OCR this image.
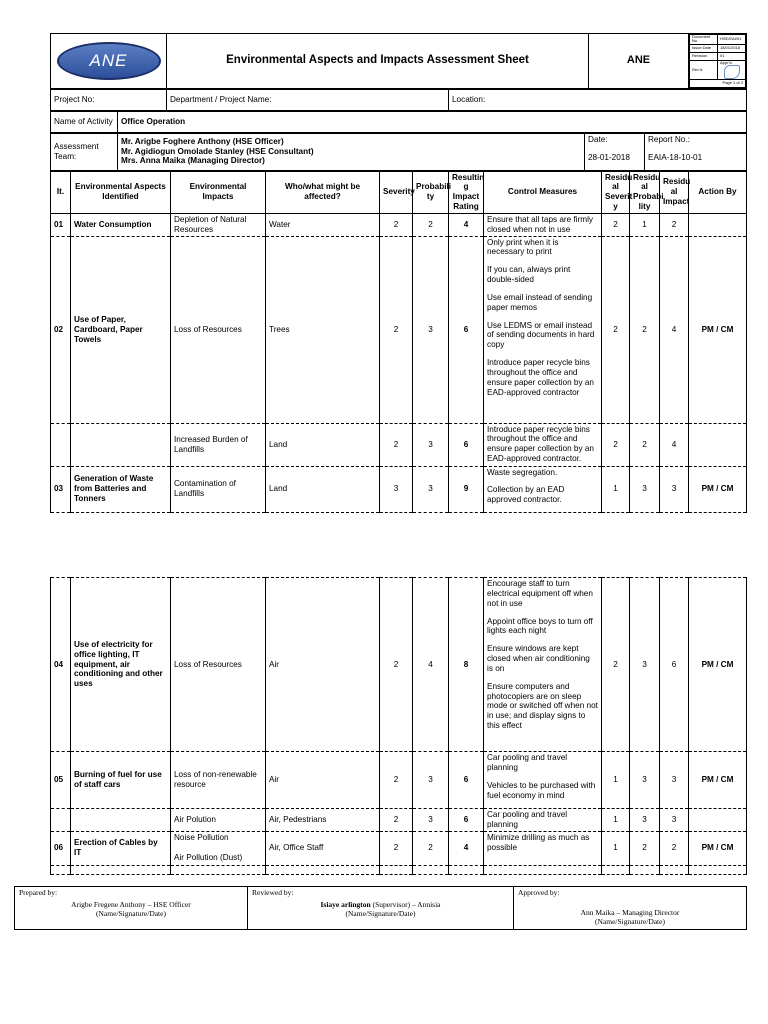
ANE	Environmental Aspects and Impacts Assessment Sheet	ANE	
Document No	HSE/EAI/01
Issue Date	18/01/2018
Revision	01
Rev'd:	Appr'd:
Page 1 of 2
Project No:	Department / Project Name:	Location:
Name of Activity	Office Operation
Assessment Team:	Mr. Arigbe Foghere Anthony (HSE Officer)
Mr. Agidiogun Omolade Stanley (HSE Consultant)
Mrs. Anna Maika (Managing Director)	Date:	Report No.:
		28-01-2018	EAIA-18-10-01
It.	Environmental Aspects Identified	Environmental Impacts	Who/what might be affected?	Severity	Probabili ty	Resultin g Impact Rating	Control Measures	Residu al Severit y	Residu al Probabi lity	Residu al Impact	Action By
01	Water Consumption	Depletion of Natural Resources	Water	2	2	4	Ensure that all taps are firmly closed when not in use	2	1	2	
02	Use of Paper, Cardboard, Paper Towels	Loss of Resources	Trees	2	3	6	Only print when it is necessary to print

If you can, always print double-sided

Use email instead of sending paper memos

Use LEDMS or email instead of sending documents in hard copy

Introduce paper recycle bins throughout the office and ensure paper collection by an EAD-approved contractor	2	2	4	PM / CM
		Increased Burden of Landfills	Land	2	3	6	Introduce paper recycle bins throughout the office and ensure paper collection by an EAD-approved contractor.	2	2	4	
03	Generation of Waste from Batteries and Tonners	Contamination of Landfills	Land	3	3	9	Waste segregation.

Collection by an EAD approved contractor.	1	3	3	PM / CM
04	Use of electricity for office lighting, IT equipment, air conditioning and other uses	Loss of Resources	Air	2	4	8	Encourage staff to turn electrical equipment off when not in use

Appoint office boys to turn off lights each night

Ensure windows are kept closed when air conditioning is on

Ensure computers and photocopiers are on sleep mode or switched off when not in use; and display signs to this effect	2	3	6	PM / CM
05	Burning of fuel for use of staff cars	Loss of non-renewable resource	Air	2	3	6	Car pooling and travel planning

Vehicles to be purchased with fuel economy in mind	1	3	3	PM / CM
		Air Polution	Air, Pedestrians	2	3	6	Car pooling and travel planning	1	3	3	
06	Erection of Cables by IT	Noise Pollution

Air Pollution (Dust)	Air, Office Staff	2	2	4	Minimize drilling as much as possible	1	2	2	PM / CM

Prepared by:
Arigbe Fregene Anthony – HSE Officer
(Name/Signature/Date)

Reviewed by:
Isiaye arlington (Supervisor) – Annisia
(Name/Signature/Date)

Approved by:
Ann Maika – Managing Director
(Name/Signature/Date)
